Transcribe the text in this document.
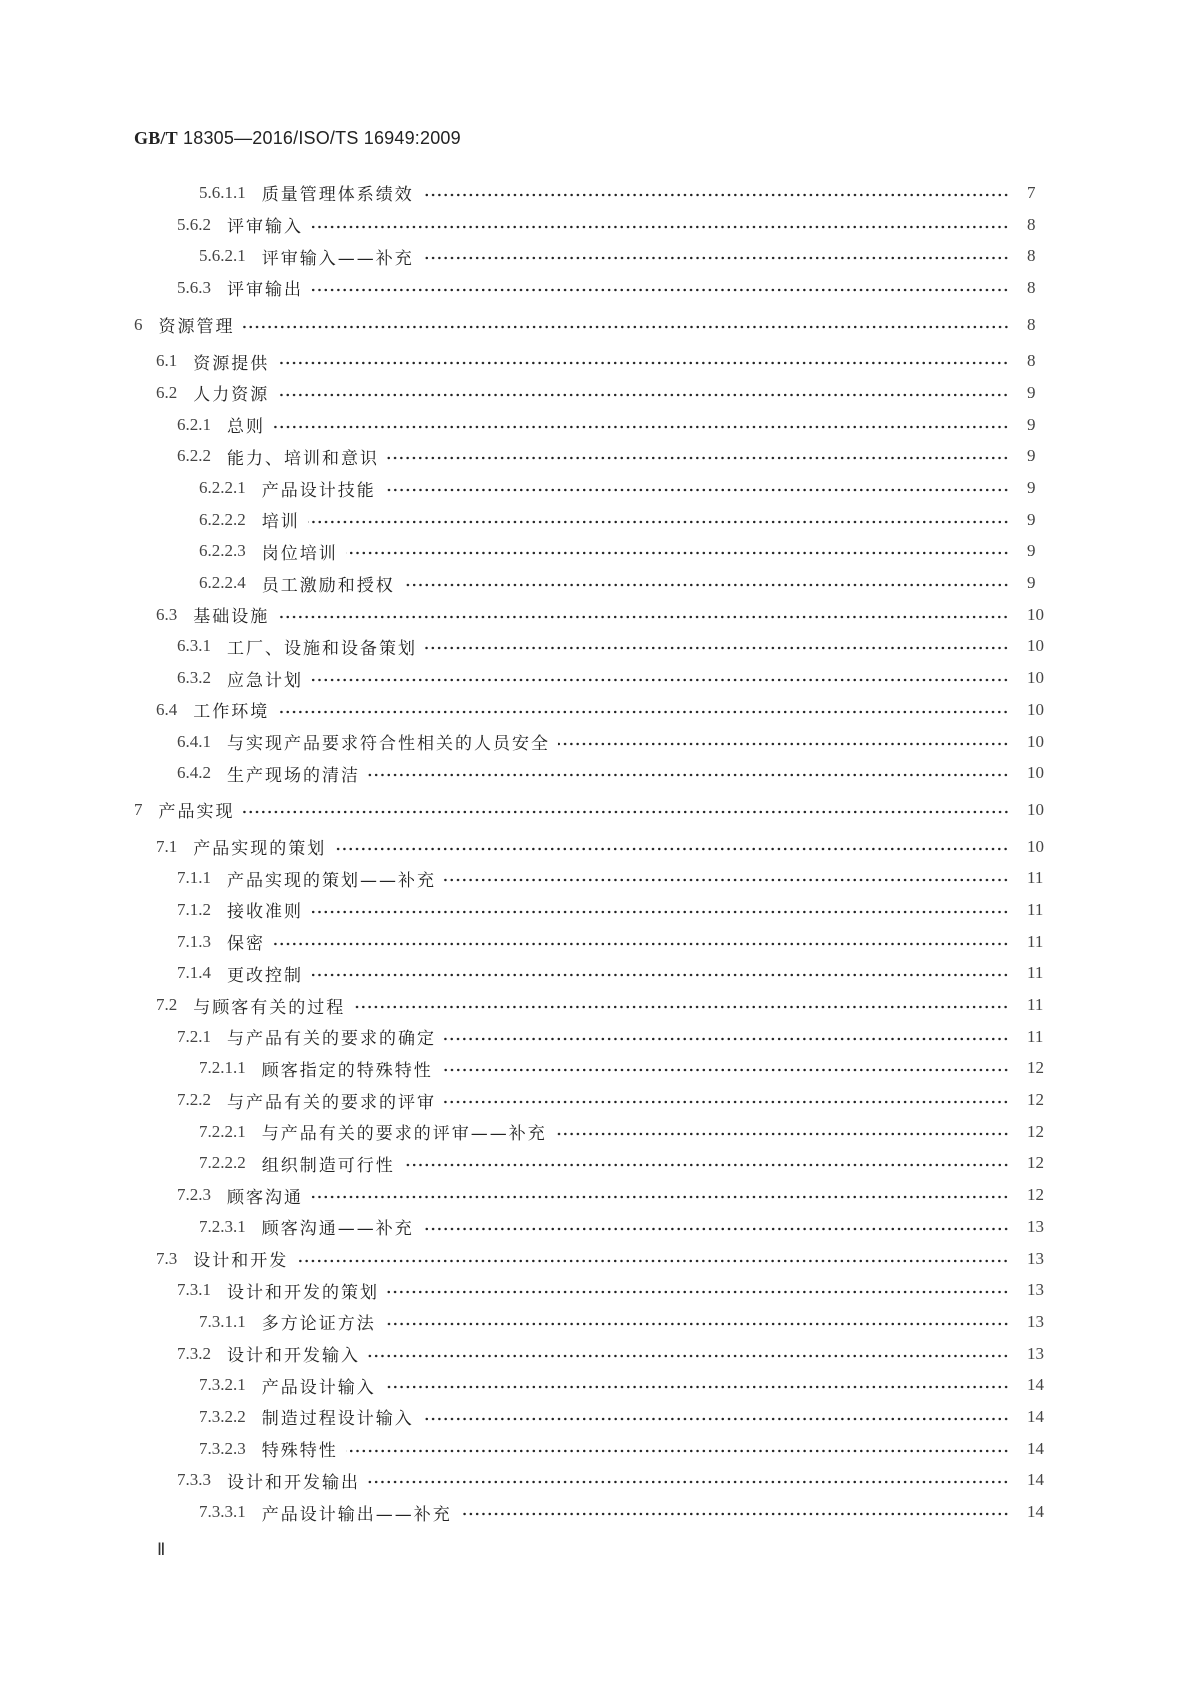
GB/T 18305—2016/ISO/TS 16949:2009
5.6.1.1 质量管理体系绩效	7
5.6.2 评审输入	8
5.6.2.1 评审输入——补充	8
5.6.3 评审输出	8
6 资源管理	8
6.1 资源提供	8
6.2 人力资源	9
6.2.1 总则	9
6.2.2 能力、培训和意识	9
6.2.2.1 产品设计技能	9
6.2.2.2 培训	9
6.2.2.3 岗位培训	9
6.2.2.4 员工激励和授权	9
6.3 基础设施	10
6.3.1 工厂、设施和设备策划	10
6.3.2 应急计划	10
6.4 工作环境	10
6.4.1 与实现产品要求符合性相关的人员安全	10
6.4.2 生产现场的清洁	10
7 产品实现	10
7.1 产品实现的策划	10
7.1.1 产品实现的策划——补充	11
7.1.2 接收准则	11
7.1.3 保密	11
7.1.4 更改控制	11
7.2 与顾客有关的过程	11
7.2.1 与产品有关的要求的确定	11
7.2.1.1 顾客指定的特殊特性	12
7.2.2 与产品有关的要求的评审	12
7.2.2.1 与产品有关的要求的评审——补充	12
7.2.2.2 组织制造可行性	12
7.2.3 顾客沟通	12
7.2.3.1 顾客沟通——补充	13
7.3 设计和开发	13
7.3.1 设计和开发的策划	13
7.3.1.1 多方论证方法	13
7.3.2 设计和开发输入	13
7.3.2.1 产品设计输入	14
7.3.2.2 制造过程设计输入	14
7.3.2.3 特殊特性	14
7.3.3 设计和开发输出	14
7.3.3.1 产品设计输出——补充	14
Ⅱ
